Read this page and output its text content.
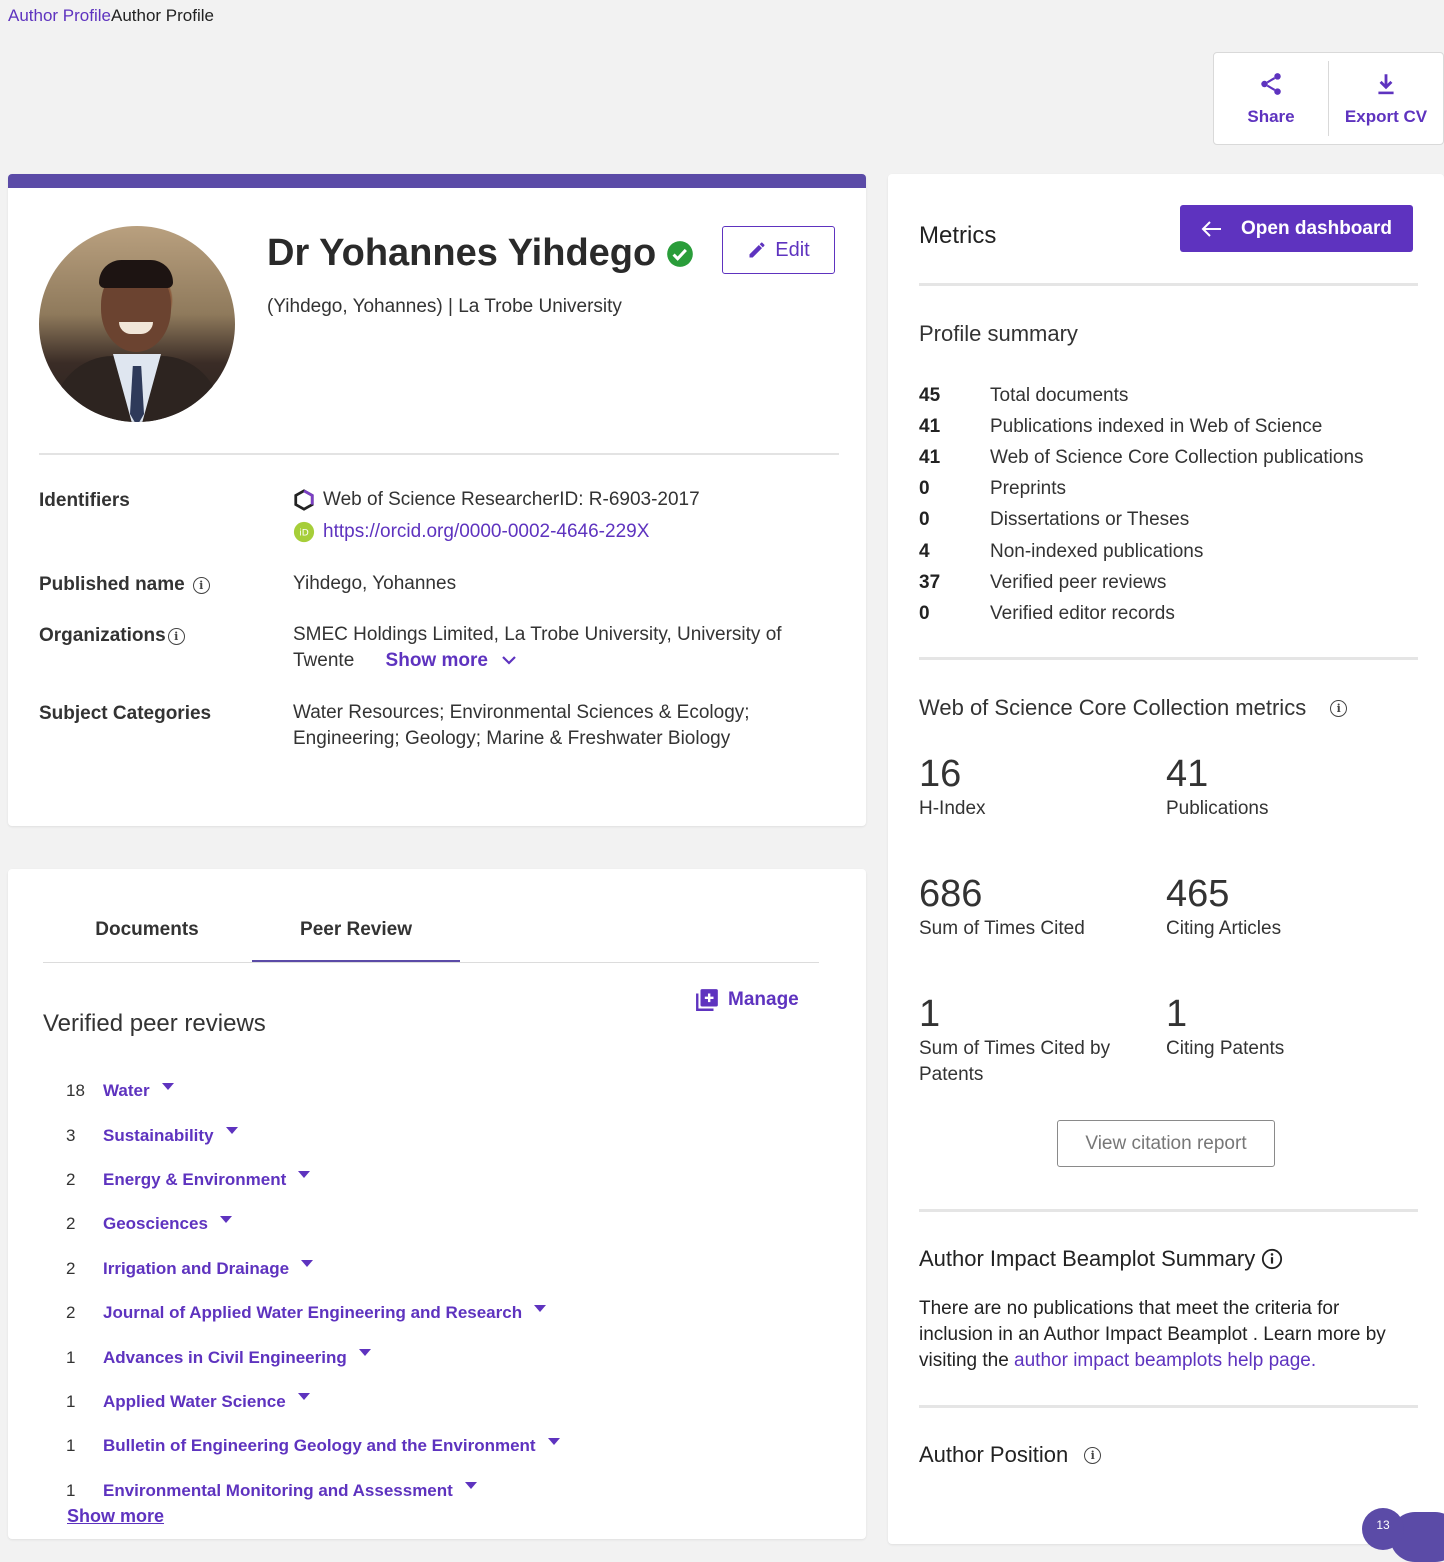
Author ProfileAuthor Profile
Share	Export CV
Dr Yohannes Yihdego	Edit
(Yihdego, Yohannes) | La Trobe University
Identifiers	Web of Science ResearcherID: R-6903-2017
iD https://orcid.org/0000-0002-4646-229X
Published name	i	Yihdego, Yohannes
Organizations i	SMEC Holdings Limited, La Trobe University, University of Twente Show more
Subject Categories	Water Resources; Environmental Sciences & Ecology;
Engineering; Geology; Marine & Freshwater Biology
Documents	Peer Review
Manage
Verified peer reviews
18	Water
3	Sustainability
2	Energy & Environment
2	Geosciences
2	Irrigation and Drainage
2	Journal of Applied Water Engineering and Research
1	Advances in Civil Engineering
1	Applied Water Science
1	Bulletin of Engineering Geology and the Environment
1	Environmental Monitoring and Assessment
Show more
Metrics	Open dashboard
Profile summary
45	Total documents
41	Publications indexed in Web of Science
41	Web of Science Core Collection publications
0	Preprints
0	Dissertations or Theses
4	Non-indexed publications
37	Verified peer reviews
0	Verified editor records
Web of Science Core Collection metrics	i
16
H-Index
41
Publications
686
Sum of Times Cited
465
Citing Articles
1
Sum of Times Cited by Patents
1
Citing Patents
View citation report
Author Impact Beamplot Summary
There are no publications that meet the criteria for inclusion in an Author Impact Beamplot . Learn more by visiting the author impact beamplots help page.
Author Position	i
13
